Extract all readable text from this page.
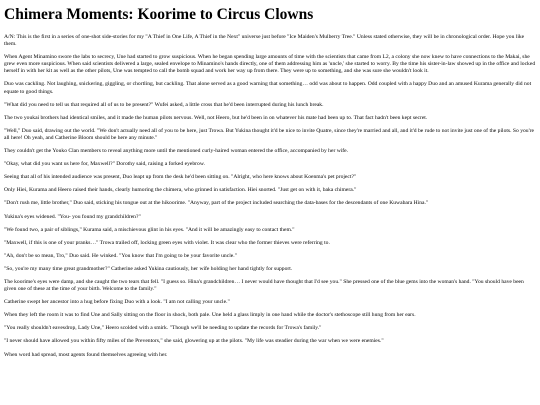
Chimera Moments: Koorime to Circus Clowns

A/N: This is the first in a series of one-shot side-stories for my "A Thief in One Life, A Thief in the Next" universe just before "Ice Maiden's Mulberry Tree." Unless stated otherwise, they will be in chronological order. Hope you like them.

When Agent Minamino swore the labs to secrecy, Une had started to grow suspicious. When he began spending large amounts of time with the scientists that came from L2, a colony she now knew to have connections to the Makai, she grew even more suspicious. When said scientists delivered a large, sealed envelope to Minamino's hands directly, one of them addressing him as 'uncle,' she started to worry. By the time his sister-in-law showed up in the office and locked herself in with her kit as well as the other pilots, Une was tempted to call the bomb squad and work her way up from there. They were up to something, and she was sure she wouldn't look it.

Duo was cackling. Not laughing, snickering, giggling, or chortling, but cackling. That alone served as a good warning that something… odd was about to happen. Odd coupled with a happy Duo and an amused Kurama generally did not equate to good things.

"What did you need to tell us that required all of us to be present?" Wufei asked, a little cross that he'd been interrupted during his lunch break.

The two youkai brothers had identical smiles, and it made the human pilots nervous. Well, not Heero, but he'd been in on whatever his mate had been up to. That fact hadn't been kept secret.

"Well," Duo said, drawing out the world. "We don't actually need all of you to be here, just Trowa. But Yukina thought it'd be nice to invite Quatre, since they're married and all, and it'd be rude to not invite just one of the pilots. So you're all here! Oh yeah, and Catherine Bloom should be here any minute."

They couldn't get the Youko Clan members to reveal anything more until the mentioned curly-haired woman entered the office, accompanied by her wife.

"Okay, what did you want us here for, Maxwell?" Dorothy said, raising a forked eyebrow.

Seeing that all of his intended audience was present, Duo leapt up from the desk he'd been sitting on. "Alright, who here knows about Koenma's pet project?"

Only Hiei, Kurama and Heero raised their hands, clearly humoring the chimera, who grinned in satisfaction. Hiei snorted. "Just get on with it, baka chimera."

"Don't rush me, little brother," Duo said, sticking his tongue out at the hikoorime. "Anyway, part of the project included searching the data-bases for the descendants of one Kuwabara Hina."

Yukina's eyes widened. "You- you found my grandchildren?"

"We found two, a pair of siblings," Kurama said, a mischievous glint in his eyes. "And it will be amazingly easy to contact them."

"Maxwell, if this is one of your pranks…" Trowa trailed off, locking green eyes with violet. It was clear who the former thieves were referring to.

"Ah, don't be so mean, Tro," Duo said. He winked. "You know that I'm going to be your favorite uncle."

"So, you're my many time great grandmother?" Catherine asked Yukina cautiously, her wife holding her hand tightly for support.

The koorime's eyes were damp, and she caught the two tears that fell. "I guess so. Hina's grandchildren… I never would have thought that I'd see you." She pressed one of the blue gems into the woman's hand. "You should have been given one of these at the time of your birth. Welcome to the family."

Catherine swept her ancestor into a hug before fixing Duo with a look. "I am not calling your uncle."

When they left the room it was to find Une and Sally sitting on the floor in shock, both pale. Une held a glass limply in one hand while the doctor's stethoscope still hung from her ears.

"You really shouldn't eavesdrop, Lady Une," Heero scolded with a smirk. "Though we'll be needing to update the records for Trowa's family."

"I never should have allowed you within fifty miles of the Preventors," she said, glowering up at the pilots. "My life was steadier during the war when we were enemies."

When word had spread, most agents found themselves agreeing with her.
